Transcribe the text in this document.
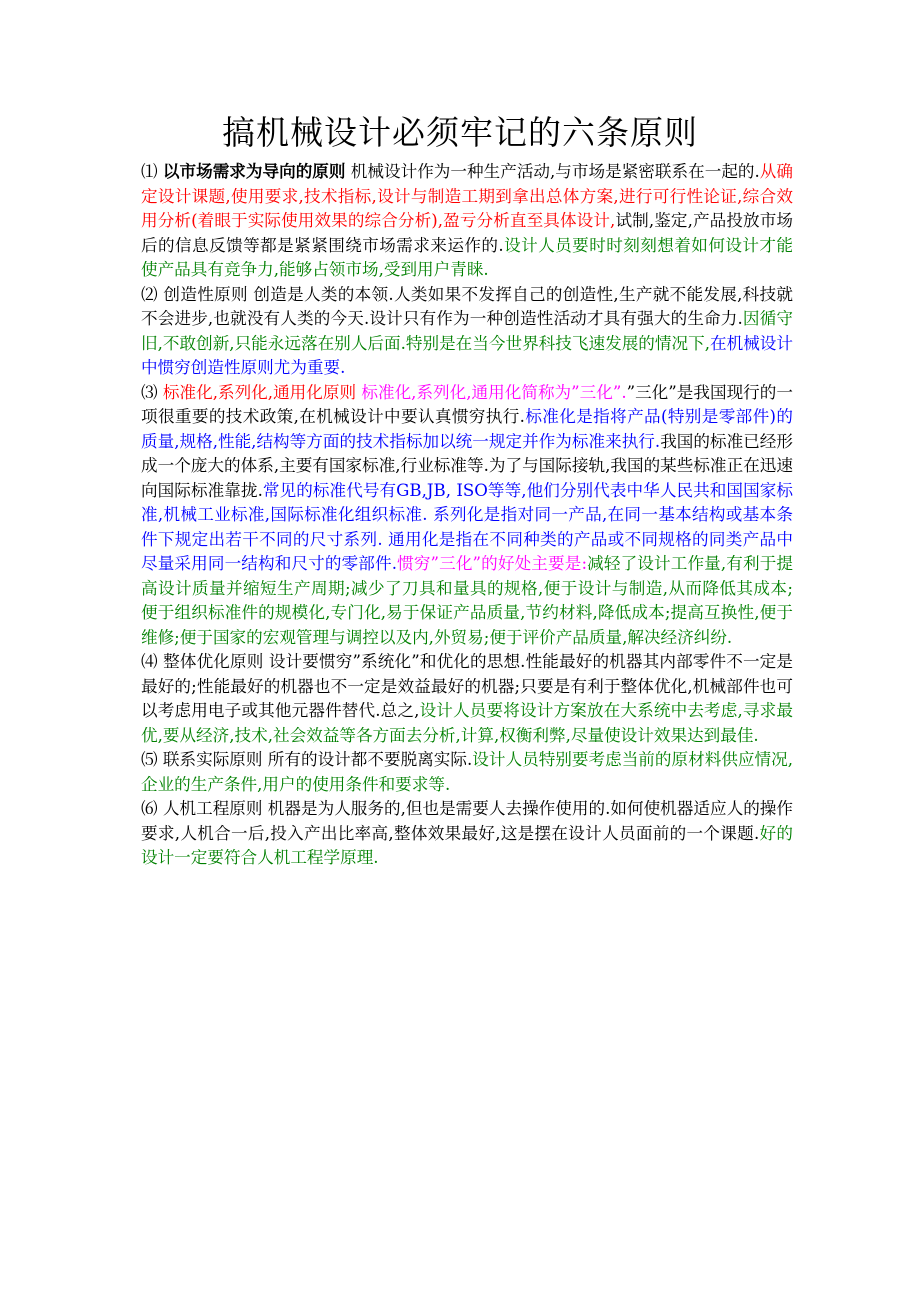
搞机械设计必须牢记的六条原则

⑴ 以市场需求为导向的原则 机械设计作为一种生产活动,与市场是紧密联系在一起的.从确定设计课题,使用要求,技术指标,设计与制造工期到拿出总体方案,进行可行性论证,综合效用分析(着眼于实际使用效果的综合分析),盈亏分析直至具体设计,试制,鉴定,产品投放市场后的信息反馈等都是紧紧围绕市场需求来运作的.设计人员要时时刻刻想着如何设计才能使产品具有竞争力,能够占领市场,受到用户青睐.

⑵ 创造性原则 创造是人类的本领.人类如果不发挥自己的创造性,生产就不能发展,科技就不会进步,也就没有人类的今天.设计只有作为一种创造性活动才具有强大的生命力.因循守旧,不敢创新,只能永远落在别人后面.特别是在当今世界科技飞速发展的情况下,在机械设计中惯穷创造性原则尤为重要.

⑶ 标准化,系列化,通用化原则 标准化,系列化,通用化简称为”三化”.”三化”是我国现行的一项很重要的技术政策,在机械设计中要认真惯穷执行.标准化是指将产品(特别是零部件)的质量,规格,性能,结构等方面的技术指标加以统一规定并作为标准来执行.我国的标准已经形成一个庞大的体系,主要有国家标准,行业标准等.为了与国际接轨,我国的某些标准正在迅速向国际标准靠拢.常见的标准代号有GB,JB, ISO等等,他们分别代表中华人民共和国国家标准,机械工业标准,国际标准化组织标准. 系列化是指对同一产品,在同一基本结构或基本条件下规定出若干不同的尺寸系列. 通用化是指在不同种类的产品或不同规格的同类产品中尽量采用同一结构和尺寸的零部件.惯穷”三化”的好处主要是:减轻了设计工作量,有利于提高设计质量并缩短生产周期;减少了刀具和量具的规格,便于设计与制造,从而降低其成本;便于组织标准件的规模化,专门化,易于保证产品质量,节约材料,降低成本;提高互换性,便于维修;便于国家的宏观管理与调控以及内,外贸易;便于评价产品质量,解决经济纠纷.

⑷ 整体优化原则 设计要惯穷”系统化”和优化的思想.性能最好的机器其内部零件不一定是最好的;性能最好的机器也不一定是效益最好的机器;只要是有利于整体优化,机械部件也可以考虑用电子或其他元器件替代.总之,设计人员要将设计方案放在大系统中去考虑,寻求最优,要从经济,技术,社会效益等各方面去分析,计算,权衡利弊,尽量使设计效果达到最佳.

⑸ 联系实际原则 所有的设计都不要脱离实际.设计人员特别要考虑当前的原材料供应情况,企业的生产条件,用户的使用条件和要求等.

⑹ 人机工程原则 机器是为人服务的,但也是需要人去操作使用的.如何使机器适应人的操作要求,人机合一后,投入产出比率高,整体效果最好,这是摆在设计人员面前的一个课题.好的设计一定要符合人机工程学原理.
